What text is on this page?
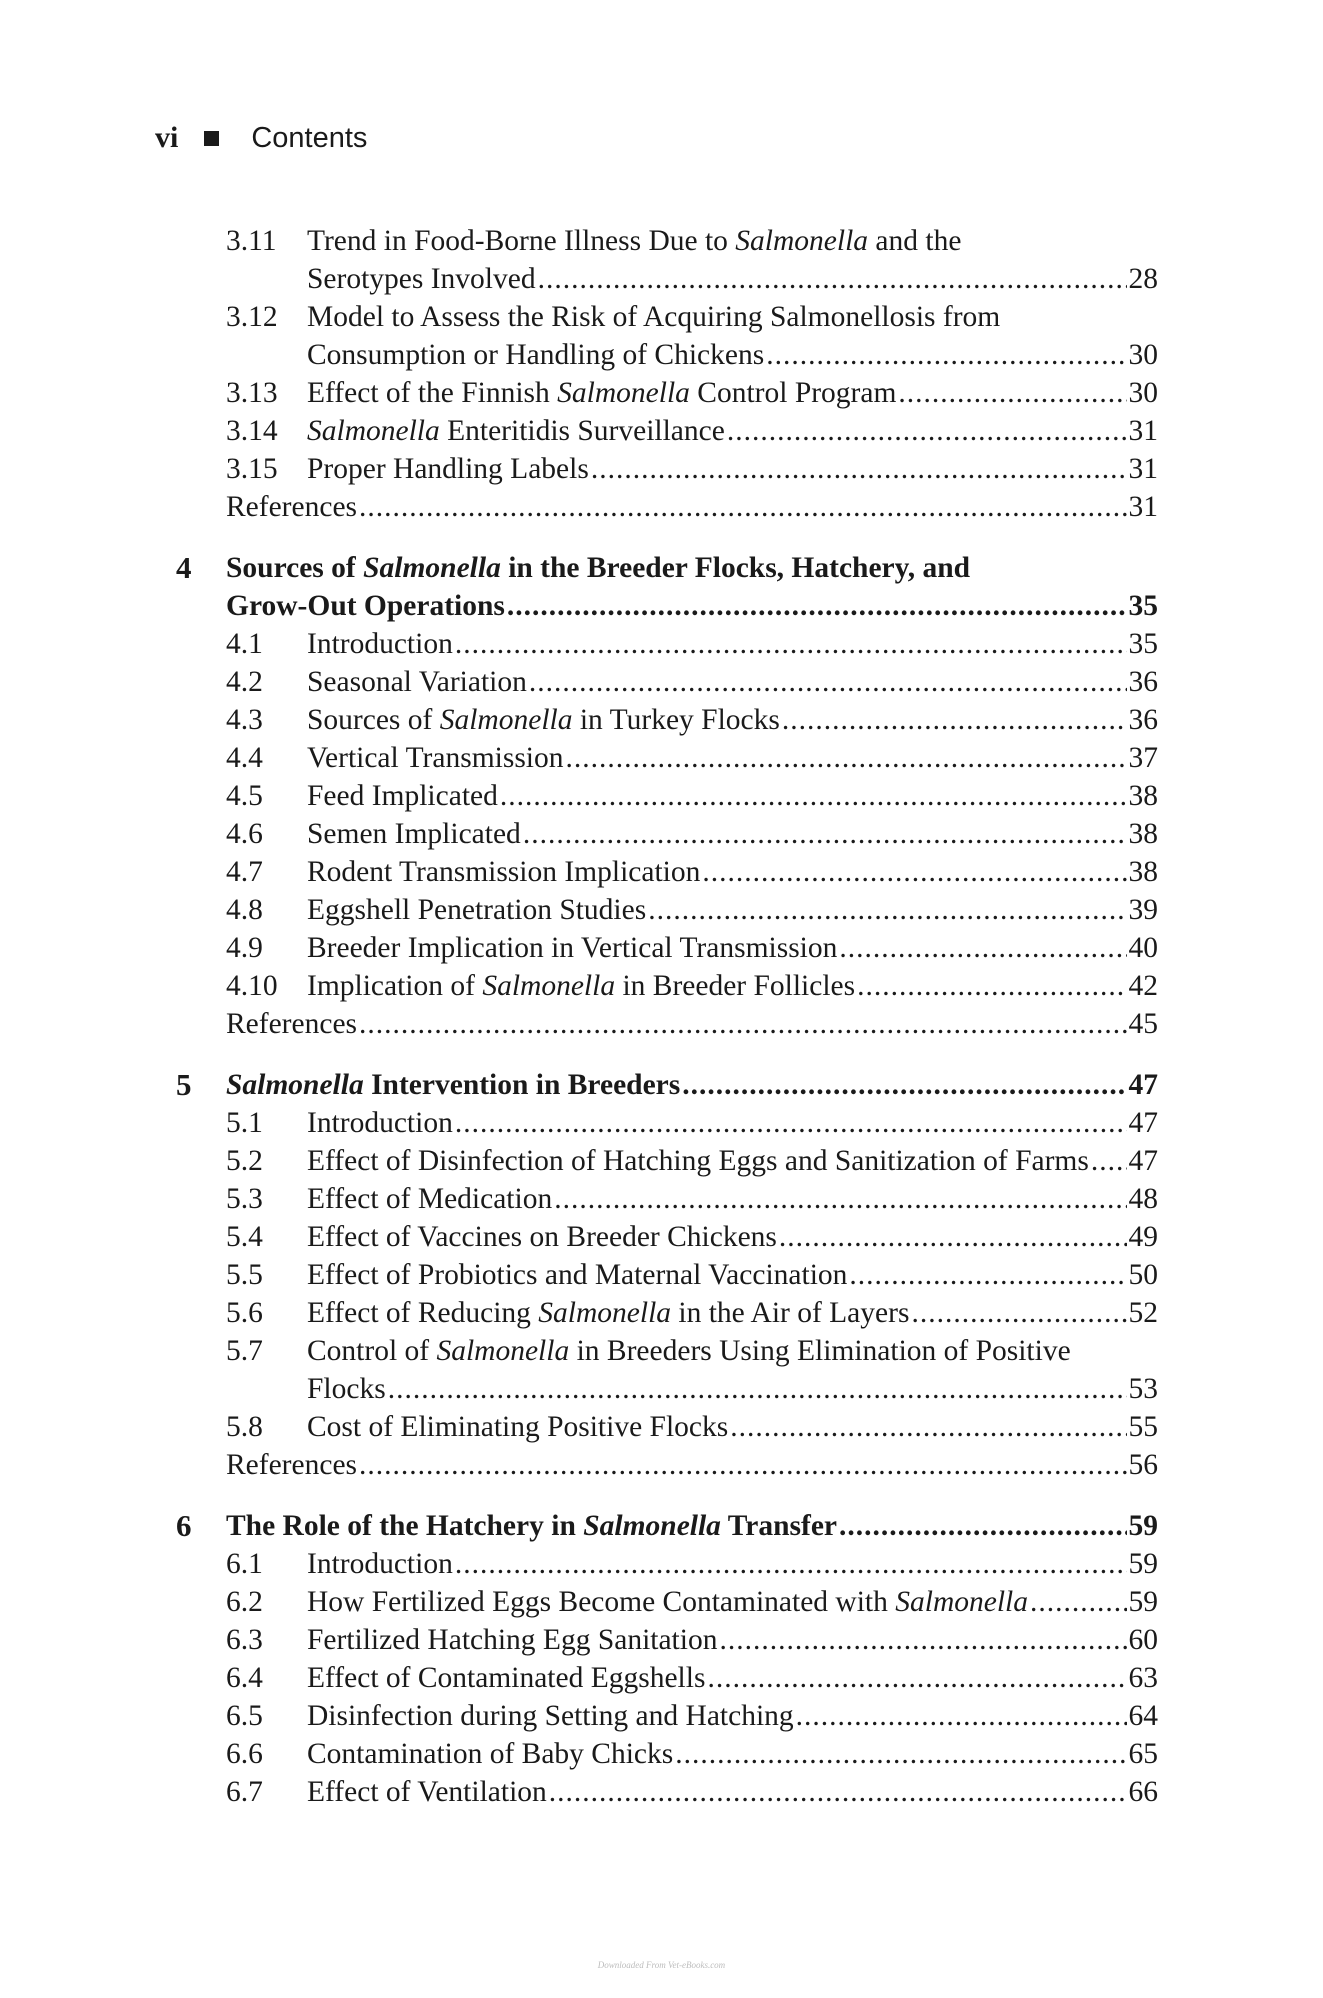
vi	Contents
3.11 Trend in Food-Borne Illness Due to Salmonella and the
Serotypes Involved .....	28
3.12 Model to Assess the Risk of Acquiring Salmonellosis from
Consumption or Handling of Chickens .....	30
3.13 Effect of the Finnish Salmonella Control Program .....	30
3.14 Salmonella Enteritidis Surveillance .....	31
3.15 Proper Handling Labels .....	31
References .....	31
4 Sources of Salmonella in the Breeder Flocks, Hatchery, and
Grow-Out Operations .....	35
4.1 Introduction .....	35
4.2 Seasonal Variation .....	36
4.3 Sources of Salmonella in Turkey Flocks .....	36
4.4 Vertical Transmission .....	37
4.5 Feed Implicated .....	38
4.6 Semen Implicated .....	38
4.7 Rodent Transmission Implication .....	38
4.8 Eggshell Penetration Studies .....	39
4.9 Breeder Implication in Vertical Transmission .....	40
4.10 Implication of Salmonella in Breeder Follicles .....	42
References .....	45
5 Salmonella Intervention in Breeders .....	47
5.1 Introduction .....	47
5.2 Effect of Disinfection of Hatching Eggs and Sanitization of Farms ..... 47
5.3 Effect of Medication .....	48
5.4 Effect of Vaccines on Breeder Chickens .....	49
5.5 Effect of Probiotics and Maternal Vaccination .....	50
5.6 Effect of Reducing Salmonella in the Air of Layers .....	52
5.7 Control of Salmonella in Breeders Using Elimination of Positive
Flocks .....	53
5.8 Cost of Eliminating Positive Flocks .....	55
References .....	56
6 The Role of the Hatchery in Salmonella Transfer .....	59
6.1 Introduction .....	59
6.2 How Fertilized Eggs Become Contaminated with Salmonella .....	59
6.3 Fertilized Hatching Egg Sanitation .....	60
6.4 Effect of Contaminated Eggshells .....	63
6.5 Disinfection during Setting and Hatching .....	64
6.6 Contamination of Baby Chicks .....	65
6.7 Effect of Ventilation .....	66
Downloaded From Vet-eBooks.com
